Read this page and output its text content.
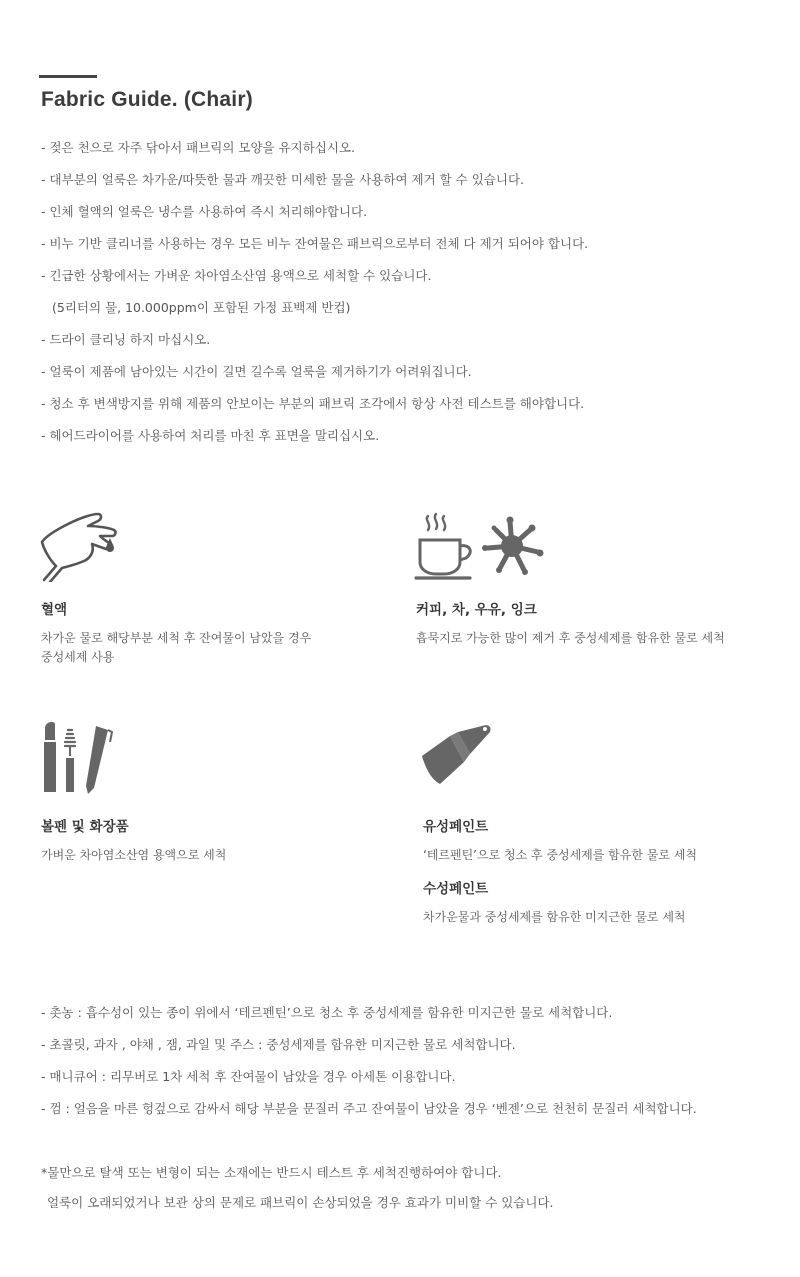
Fabric Guide. (Chair)
- 젖은 천으로 자주 닦아서 패브릭의 모양을 유지하십시오.
- 대부분의 얼룩은 차가운/따뜻한 물과 깨끗한 미세한 물을 사용하여 제거 할 수 있습니다.
- 인체 혈액의 얼룩은 냉수를 사용하여 즉시 처리해야합니다.
- 비누 기반 클리너를 사용하는 경우 모든 비누 잔여물은 패브릭으로부터 전체 다 제거 되어야 합니다.
- 긴급한 상황에서는 가벼운 차아염소산염 용액으로 세척할 수 있습니다.
(5리터의 물, 10.000ppm이 포함된 가정 표백제 반컵)
- 드라이 클리닝 하지 마십시오.
- 얼룩이 제품에 남아있는 시간이 길면 길수록 얼룩을 제거하기가 어려워집니다.
- 청소 후 변색방지를 위해 제품의 안보이는 부분의 패브릭 조각에서 항상 사전 테스트를 해야합니다.
- 헤어드라이어를 사용하여 처리를 마친 후 표면을 말리십시오.
혈액
차가운 물로 해당부분 세척 후 잔여물이 남았을 경우
중성세제 사용
커피, 차, 우유, 잉크
흡묵지로 가능한 많이 제거 후 중성세제를 함유한 물로 세척
볼펜 및 화장품
가벼운 차아염소산염 용액으로 세척
유성페인트
‘테르펜틴’으로 청소 후 중성세제를 함유한 물로 세척
수성페인트
차가운물과 중성세제를 함유한 미지근한 물로 세척
- 촛농 : 흡수성이 있는 종이 위에서 ‘테르펜틴’으로 청소 후 중성세제를 함유한 미지근한 물로 세척합니다.
- 초콜릿, 과자 , 야채 , 잼, 과일 및 주스 : 중성세제를 함유한 미지근한 물로 세척합니다.
- 매니큐어 : 리무버로 1차 세척 후 잔여물이 남았을 경우 아세톤 이용합니다.
- 껌 : 얼음을 마른 헝겊으로 감싸서 해당 부분을 문질러 주고 잔여물이 남았을 경우 ‘벤젠’으로 천천히 문질러 세척합니다.
*물만으로 탈색 또는 변형이 되는 소재에는 반드시 테스트 후 세척진행하여야 합니다.
얼룩이 오래되었거나 보관 상의 문제로 패브릭이 손상되었을 경우 효과가 미비할 수 있습니다.
